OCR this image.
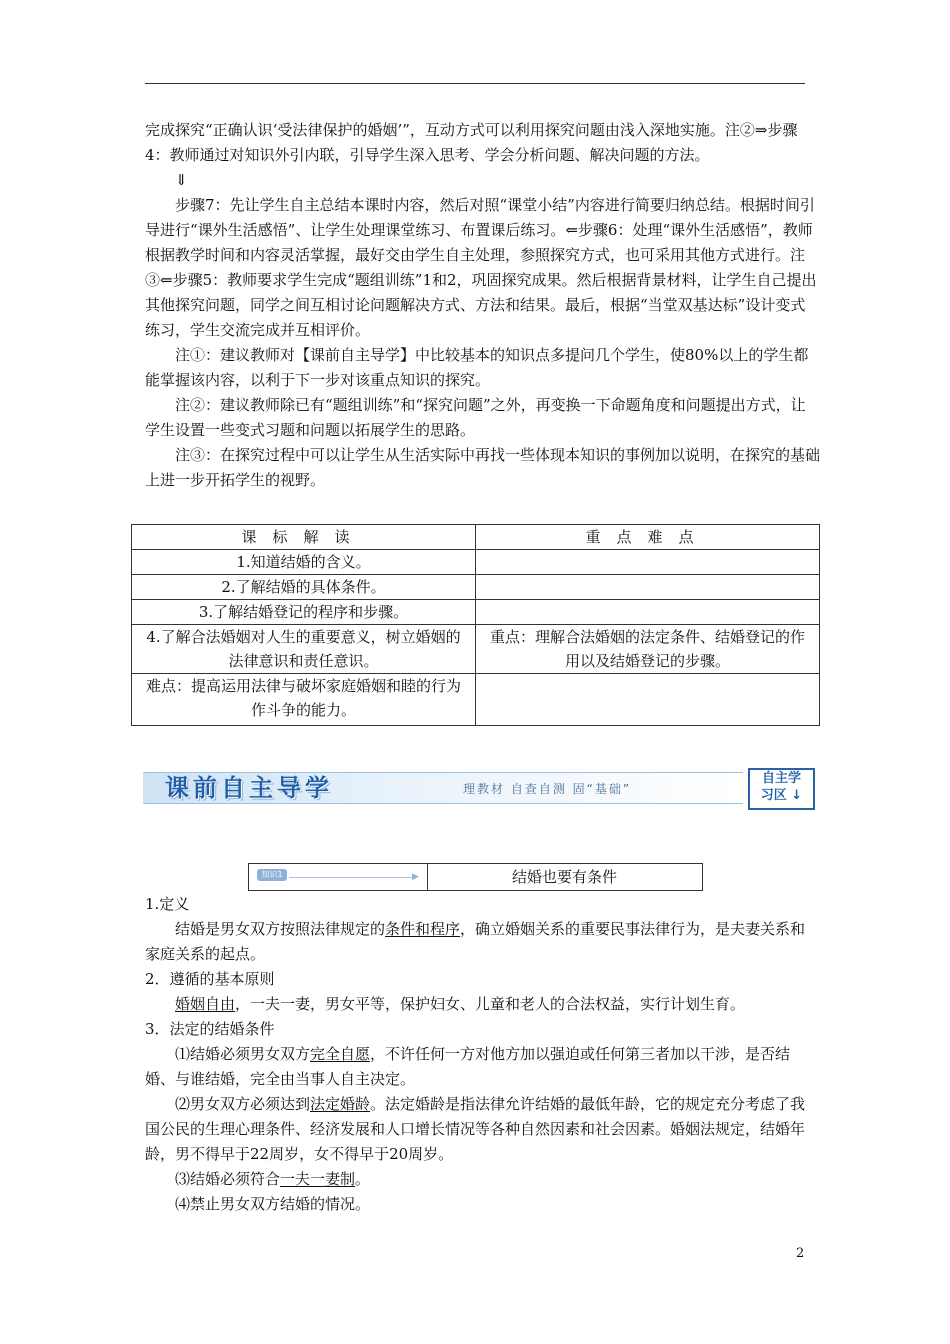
完成探究“正确认识‘受法律保护的婚姻’”，互动方式可以利用探究问题由浅入深地实施。注②⇒步骤4：教师通过对知识外引内联，引导学生深入思考、学会分析问题、解决问题的方法。

⇓

步骤7：先让学生自主总结本课时内容，然后对照“课堂小结”内容进行简要归纳总结。根据时间引导进行“课外生活感悟”、让学生处理课堂练习、布置课后练习。⇐步骤6：处理“课外生活感悟”，教师根据教学时间和内容灵活掌握，最好交由学生自主处理，参照探究方式，也可采用其他方式进行。注③⇐步骤5：教师要求学生完成“题组训练”1和2，巩固探究成果。然后根据背景材料，让学生自己提出其他探究问题，同学之间互相讨论问题解决方式、方法和结果。最后，根据“当堂双基达标”设计变式练习，学生交流完成并互相评价。

注①：建议教师对【课前自主导学】中比较基本的知识点多提问几个学生，使80%以上的学生都能掌握该内容，以利于下一步对该重点知识的探究。

注②：建议教师除已有“题组训练”和“探究问题”之外，再变换一下命题角度和问题提出方式，让学生设置一些变式习题和问题以拓展学生的思路。

注③：在探究过程中可以让学生从生活实际中再找一些体现本知识的事例加以说明，在探究的基础上进一步开拓学生的视野。

课标解读	重点难点
1.知道结婚的含义。	
2.了解结婚的具体条件。	
3.了解结婚登记的程序和步骤。	
4.了解合法婚姻对人生的重要意义，树立婚姻的法律意识和责任意识。	重点：理解合法婚姻的法定条件、结婚登记的作用以及结婚登记的步骤。
难点：提高运用法律与破坏家庭婚姻和睦的行为作斗争的能力。	
课前自主导学	理教材 自查自测 固“基础”
自主学
习区 ↓
知识1	▶	结婚也要有条件

1.定义

结婚是男女双方按照法律规定的条件和程序，确立婚姻关系的重要民事法律行为，是夫妻关系和家庭关系的起点。

2．遵循的基本原则

婚姻自由，一夫一妻，男女平等，保护妇女、儿童和老人的合法权益，实行计划生育。

3．法定的结婚条件

⑴结婚必须男女双方完全自愿，不许任何一方对他方加以强迫或任何第三者加以干涉，是否结婚、与谁结婚，完全由当事人自主决定。

⑵男女双方必须达到法定婚龄。法定婚龄是指法律允许结婚的最低年龄，它的规定充分考虑了我国公民的生理心理条件、经济发展和人口增长情况等各种自然因素和社会因素。婚姻法规定，结婚年龄，男不得早于22周岁，女不得早于20周岁。

⑶结婚必须符合一夫一妻制。

⑷禁止男女双方结婚的情况。

2
